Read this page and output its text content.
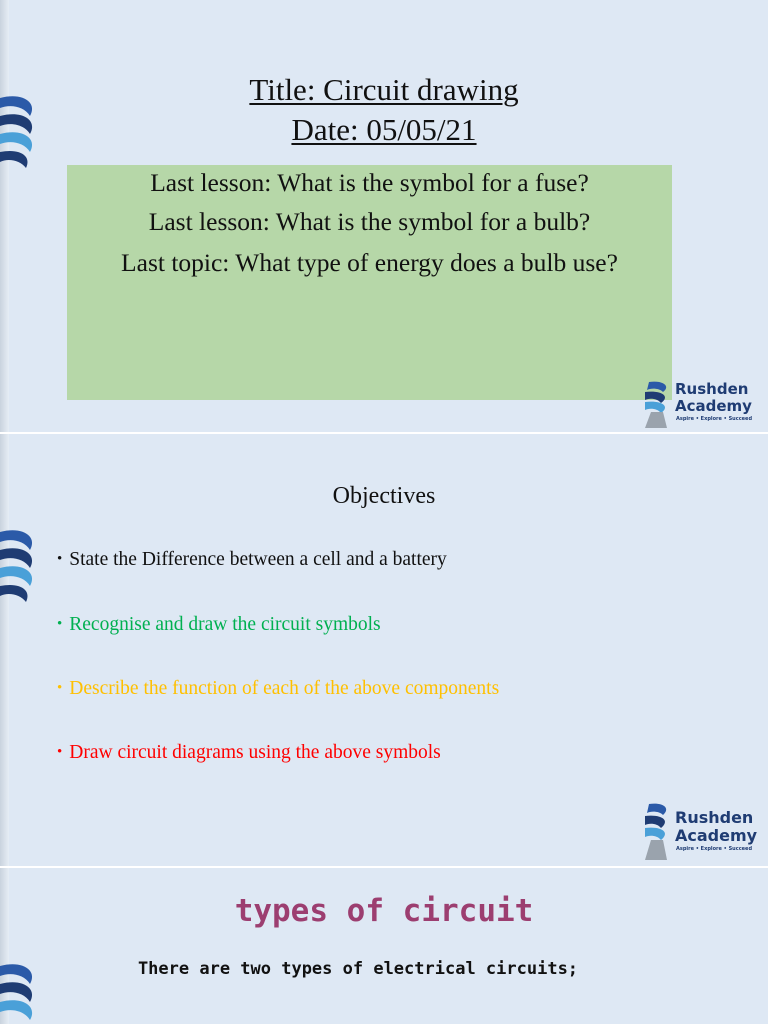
Title: Circuit drawing
Date: 05/05/21
Last lesson: What is the symbol for a fuse?
Last lesson: What is the symbol for a bulb?
Last topic: What type of energy does a bulb use?
Rushden
Academy
Aspire • Explore • Succeed
Objectives
• State the Difference between a cell and a battery
• Recognise and draw the circuit symbols
• Describe the function of each of the above components
• Draw circuit diagrams using the above symbols
Rushden
Academy
Aspire • Explore • Succeed
types of circuit
There are two types of electrical circuits;
